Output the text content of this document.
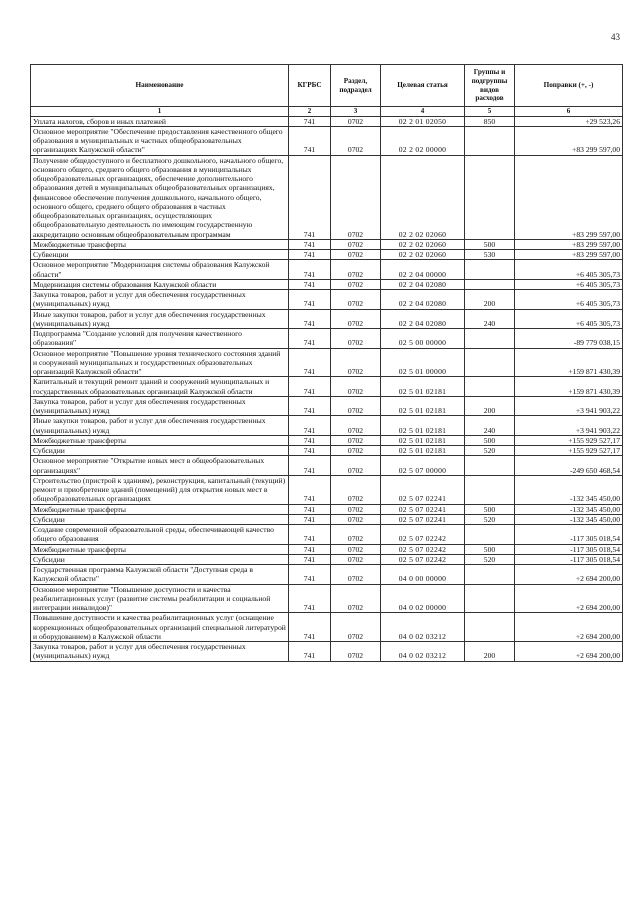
43
Наименование	КГРБС	Раздел, подраздел	Целевая статья	Группы и подгруппы видов расходов	Поправки (+, -)
1	2	3	4	5	6
Уплата налогов, сборов и иных платежей	741	0702	02 2 01 02050	850	+29 523,26
Основное мероприятие "Обеспечение предоставления качественного общего образования в муниципальных и частных общеобразовательных организациях Калужской области"	741	0702	02 2 02 00000		+83 299 597,00
Получение общедоступного и бесплатного дошкольного, начального общего, основного общего, среднего общего образования в муниципальных общеобразовательных организациях, обеспечение дополнительного образования детей в муниципальных общеобразовательных организациях, финансовое обеспечение получения дошкольного, начального общего, основного общего, среднего общего образования в частных общеобразовательных организациях, осуществляющих общеобразовательную деятельность по имеющим государственную аккредитацию основным общеобразовательным программам	741	0702	02 2 02 02060		+83 299 597,00
Межбюджетные трансферты	741	0702	02 2 02 02060	500	+83 299 597,00
Субвенции	741	0702	02 2 02 02060	530	+83 299 597,00
Основное мероприятие "Модернизация системы образования Калужской области"	741	0702	02 2 04 00000		+6 405 305,73
Модернизация системы образования Калужской области	741	0702	02 2 04 02080		+6 405 305,73
Закупка товаров, работ и услуг для обеспечения государственных (муниципальных) нужд	741	0702	02 2 04 02080	200	+6 405 305,73
Иные закупки товаров, работ и услуг для обеспечения государственных (муниципальных) нужд	741	0702	02 2 04 02080	240	+6 405 305,73
Подпрограмма "Создание условий для получения качественного образования"	741	0702	02 5 00 00000		-89 779 038,15
Основное мероприятие "Повышение уровня технического состояния зданий и сооружений муниципальных и государственных образовательных организаций Калужской области"	741	0702	02 5 01 00000		+159 871 430,39
Капитальный и текущий ремонт зданий и сооружений муниципальных и государственных образовательных организаций Калужской области	741	0702	02 5 01 02181		+159 871 430,39
Закупка товаров, работ и услуг для обеспечения государственных (муниципальных) нужд	741	0702	02 5 01 02181	200	+3 941 903,22
Иные закупки товаров, работ и услуг для обеспечения государственных (муниципальных) нужд	741	0702	02 5 01 02181	240	+3 941 903,22
Межбюджетные трансферты	741	0702	02 5 01 02181	500	+155 929 527,17
Субсидии	741	0702	02 5 01 02181	520	+155 929 527,17
Основное мероприятие "Открытие новых мест в общеобразовательных организациях"	741	0702	02 5 07 00000		-249 650 468,54
Строительство (пристрой к зданиям), реконструкция, капитальный (текущий) ремонт и приобретение зданий (помещений) для открытия новых мест в общеобразовательных организациях	741	0702	02 5 07 02241		-132 345 450,00
Межбюджетные трансферты	741	0702	02 5 07 02241	500	-132 345 450,00
Субсидии	741	0702	02 5 07 02241	520	-132 345 450,00
Создание современной образовательной среды, обеспечивающей качество общего образования	741	0702	02 5 07 02242		-117 305 018,54
Межбюджетные трансферты	741	0702	02 5 07 02242	500	-117 305 018,54
Субсидии	741	0702	02 5 07 02242	520	-117 305 018,54
Государственная программа Калужской области "Доступная среда в Калужской области"	741	0702	04 0 00 00000		+2 694 200,00
Основное мероприятие "Повышение доступности и качества реабилитационных услуг (развитие системы реабилитации и социальной интеграции инвалидов)"	741	0702	04 0 02 00000		+2 694 200,00
Повышение доступности и качества реабилитационных услуг (оснащение коррекционных общеобразовательных организаций специальной литературой и оборудованием) в Калужской области	741	0702	04 0 02 03212		+2 694 200,00
Закупка товаров, работ и услуг для обеспечения государственных (муниципальных) нужд	741	0702	04 0 02 03212	200	+2 694 200,00
